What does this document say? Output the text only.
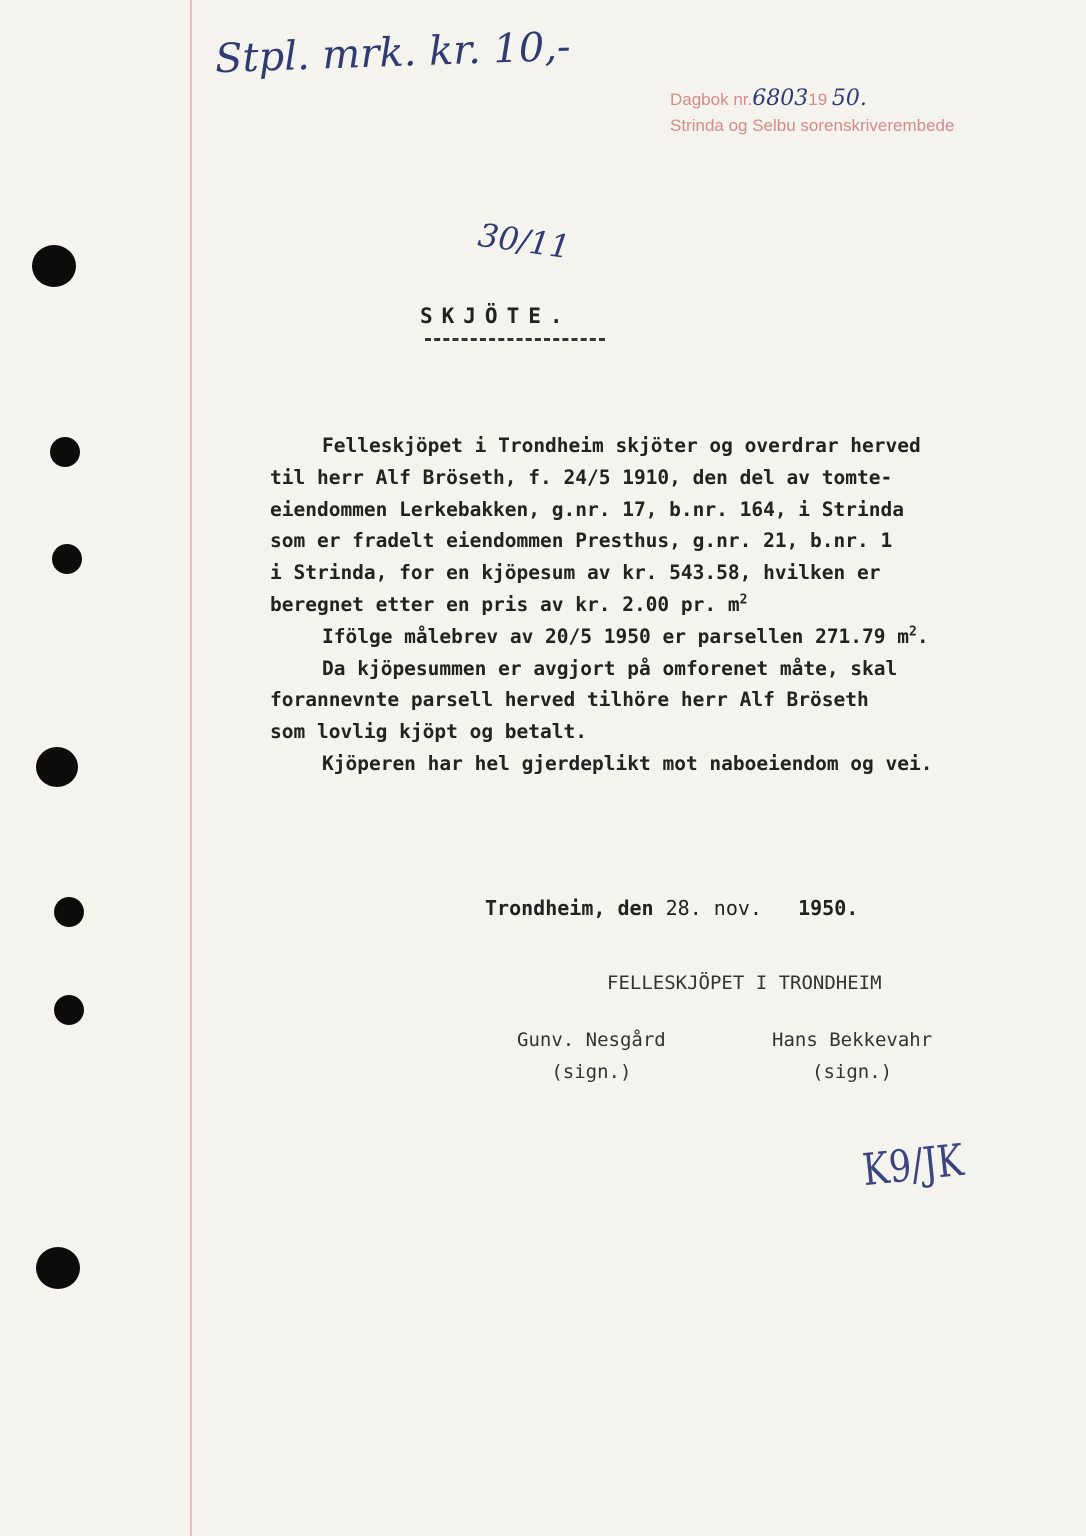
Stpl. mrk. kr. 10,-
Dagbok nr.680319 50.
Strinda og Selbu sorenskriverembede
30/11
SKJÖTE.
Felleskjöpet i Trondheim skjöter og overdrar herved
til herr Alf Bröseth, f. 24/5 1910, den del av tomte-
eiendommen Lerkebakken, g.nr. 17, b.nr. 164, i Strinda
som er fradelt eiendommen Presthus, g.nr. 21, b.nr. 1
i Strinda, for en kjöpesum av kr. 543.58, hvilken er
beregnet etter en pris av kr. 2.00 pr. $m^2$
Ifölge målebrev av 20/5 1950 er parsellen 271.79 $m^2$.
Da kjöpesummen er avgjort på omforenet måte, skal
forannevnte parsell herved tilhöre herr Alf Bröseth
som lovlig kjöpt og betalt.
Kjöperen har hel gjerdeplikt mot naboeiendom og vei.
Trondheim, den 28. nov. 1950.
FELLESKJÖPET I TRONDHEIM
Gunv. Nesgård
(sign.)
Hans Bekkevahr
(sign.)
K9/JK
